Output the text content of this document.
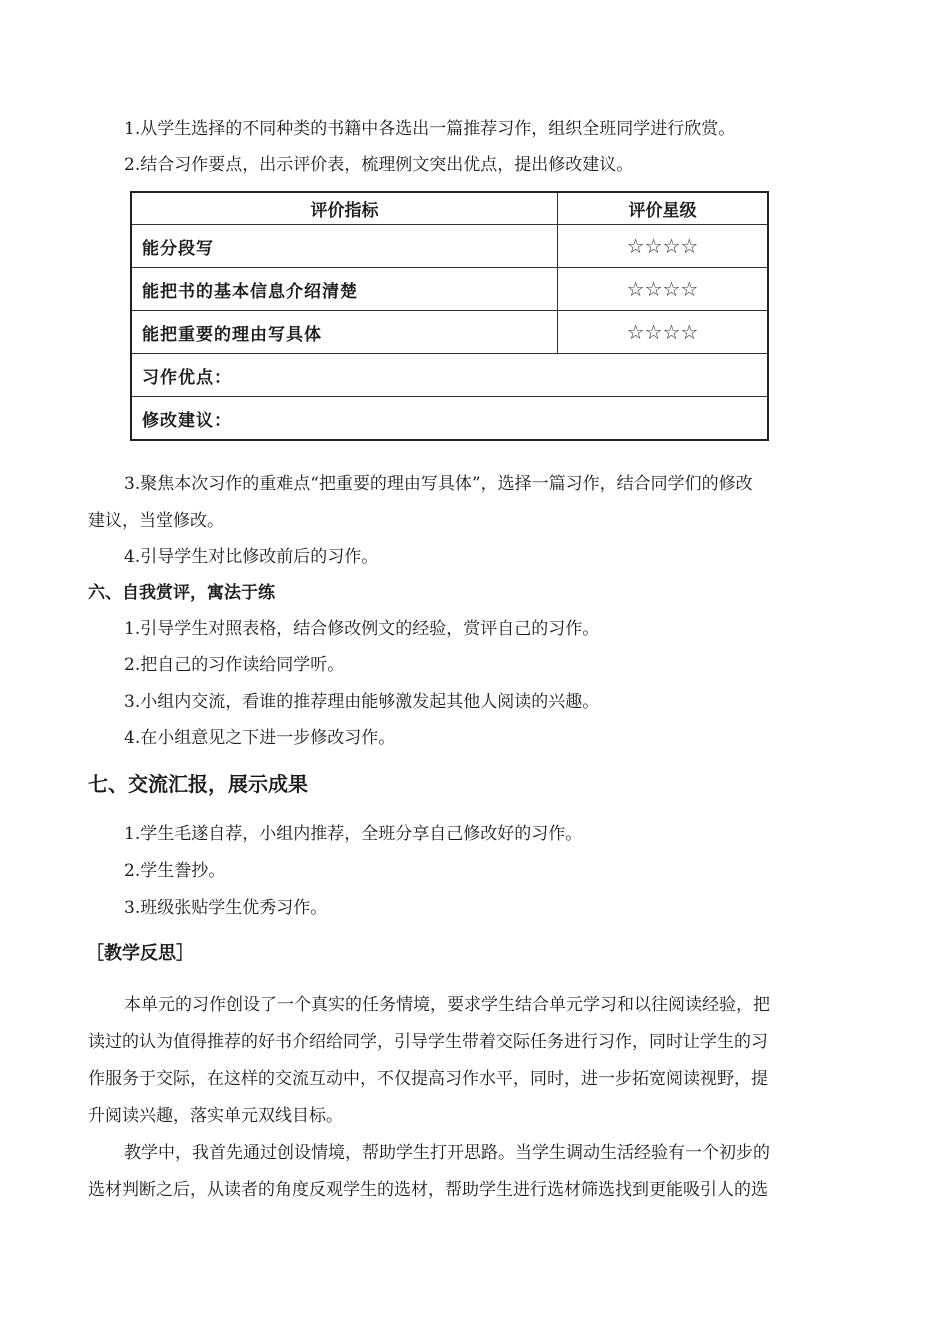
1.从学生选择的不同种类的书籍中各选出一篇推荐习作，组织全班同学进行欣赏。
2.结合习作要点，出示评价表，梳理例文突出优点，提出修改建议。
评价指标	评价星级
能分段写	☆☆☆☆
能把书的基本信息介绍清楚	☆☆☆☆
能把重要的理由写具体	☆☆☆☆
习作优点：	
修改建议：	
3.聚焦本次习作的重难点“把重要的理由写具体”，选择一篇习作，结合同学们的修改
建议，当堂修改。
4.引导学生对比修改前后的习作。
六、自我赏评，寓法于练
1.引导学生对照表格，结合修改例文的经验，赏评自己的习作。
2.把自己的习作读给同学听。
3.小组内交流，看谁的推荐理由能够激发起其他人阅读的兴趣。
4.在小组意见之下进一步修改习作。
七、交流汇报，展示成果
1.学生毛遂自荐，小组内推荐，全班分享自己修改好的习作。
2.学生誊抄。
3.班级张贴学生优秀习作。
［教学反思］
本单元的习作创设了一个真实的任务情境，要求学生结合单元学习和以往阅读经验，把
读过的认为值得推荐的好书介绍给同学，引导学生带着交际任务进行习作，同时让学生的习
作服务于交际，在这样的交流互动中，不仅提高习作水平，同时，进一步拓宽阅读视野，提
升阅读兴趣，落实单元双线目标。
教学中，我首先通过创设情境，帮助学生打开思路。当学生调动生活经验有一个初步的
选材判断之后，从读者的角度反观学生的选材，帮助学生进行选材筛选找到更能吸引人的选
